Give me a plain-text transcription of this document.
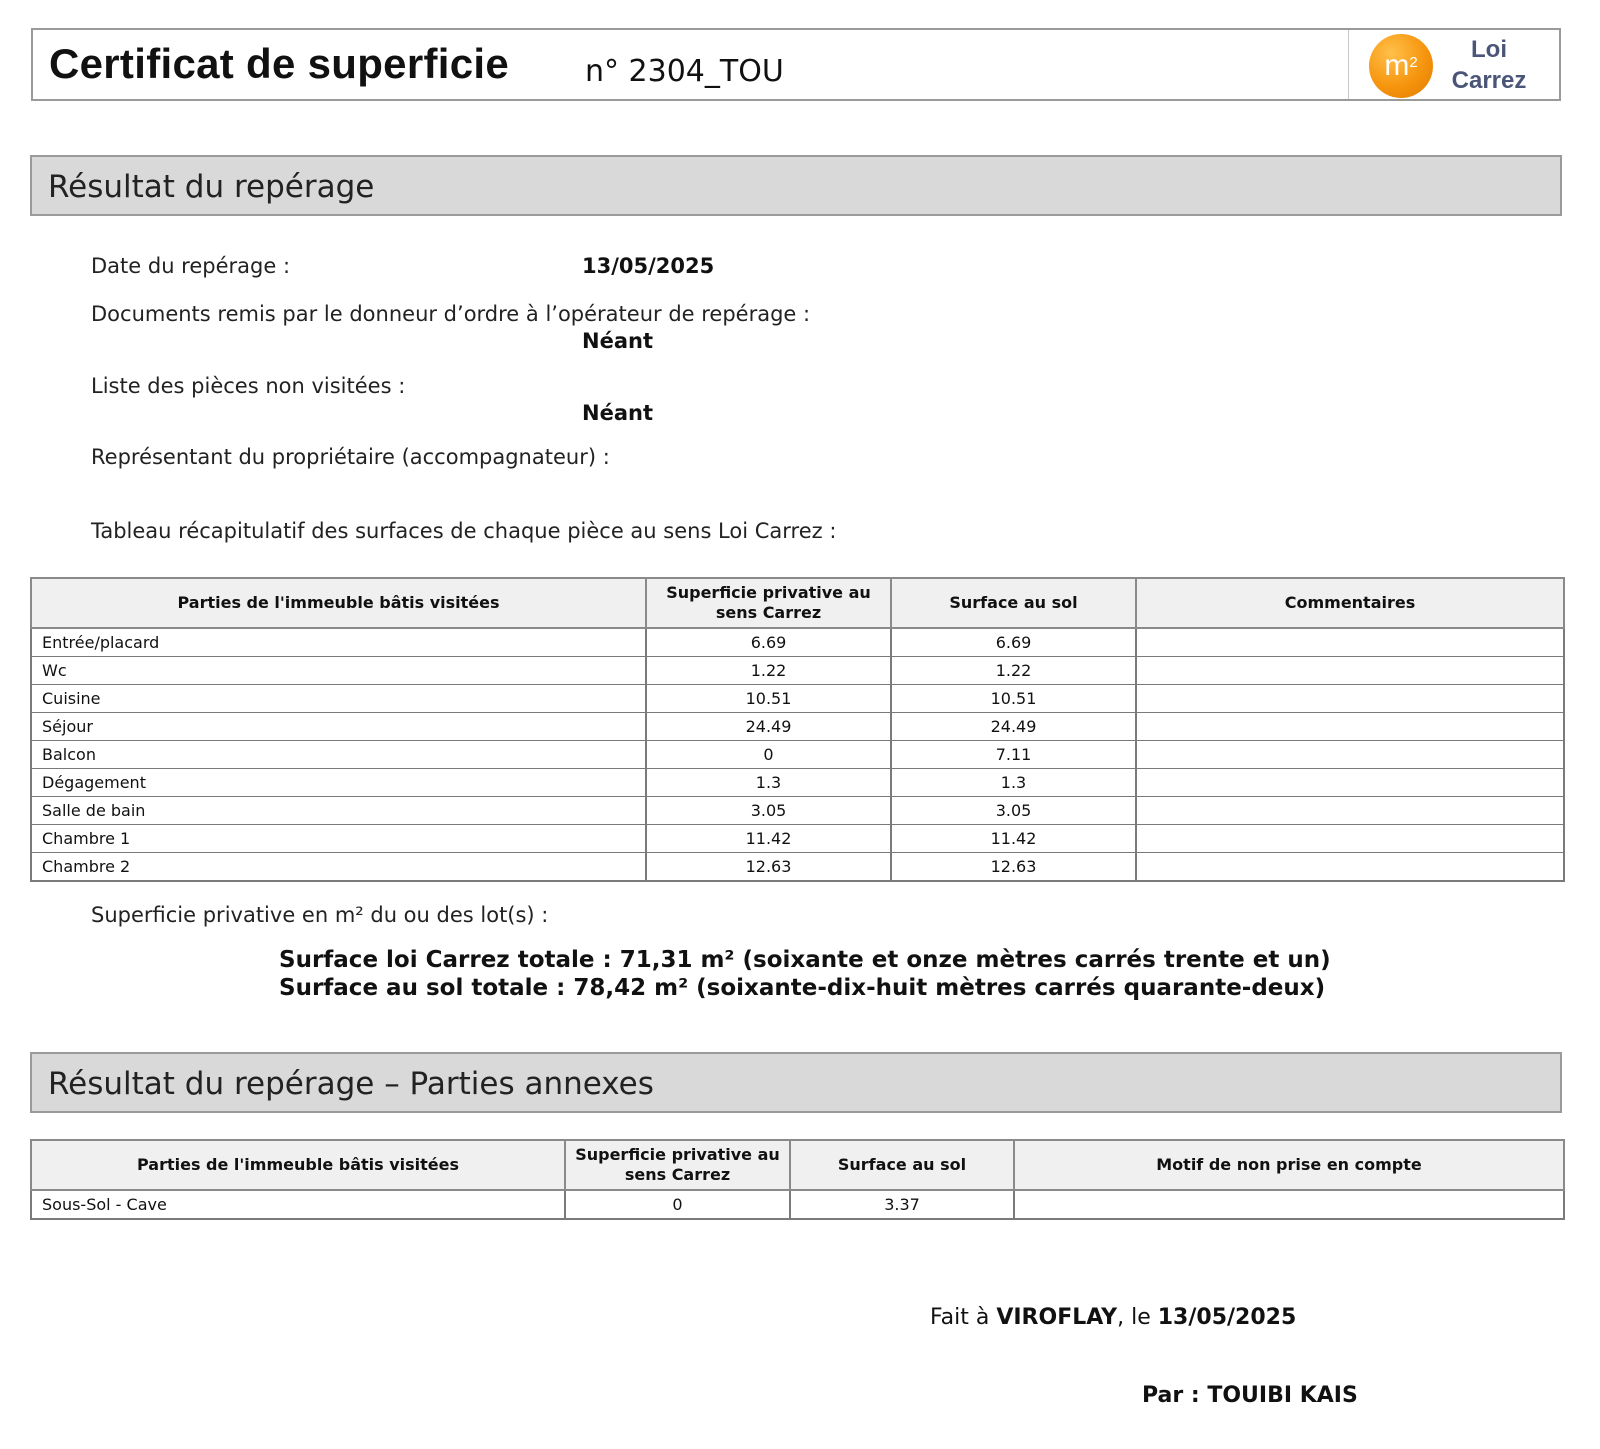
Certificat de superficie	n° 2304_TOU	$m^2$	Loi
Carrez
Résultat du repérage
Date du repérage :	13/05/2025
Documents remis par le donneur d’ordre à l’opérateur de repérage :
Néant
Liste des pièces non visitées :
Néant
Représentant du propriétaire (accompagnateur) :
Tableau récapitulatif des surfaces de chaque pièce au sens Loi Carrez :
Parties de l'immeuble bâtis visitées	Superficie privative au sens Carrez	Surface au sol	Commentaires
Entrée/placard	6.69	6.69	
Wc	1.22	1.22	
Cuisine	10.51	10.51	
Séjour	24.49	24.49	
Balcon	0	7.11	
Dégagement	1.3	1.3	
Salle de bain	3.05	3.05	
Chambre 1	11.42	11.42	
Chambre 2	12.63	12.63	
Superficie privative en m² du ou des lot(s) :
Surface loi Carrez totale : 71,31 m² (soixante et onze mètres carrés trente et un)
Surface au sol totale : 78,42 m² (soixante-dix-huit mètres carrés quarante-deux)
Résultat du repérage – Parties annexes
Parties de l'immeuble bâtis visitées	Superficie privative au sens Carrez	Surface au sol	Motif de non prise en compte
Sous-Sol - Cave	0	3.37	
Fait à VIROFLAY, le 13/05/2025
Par : TOUIBI KAIS
